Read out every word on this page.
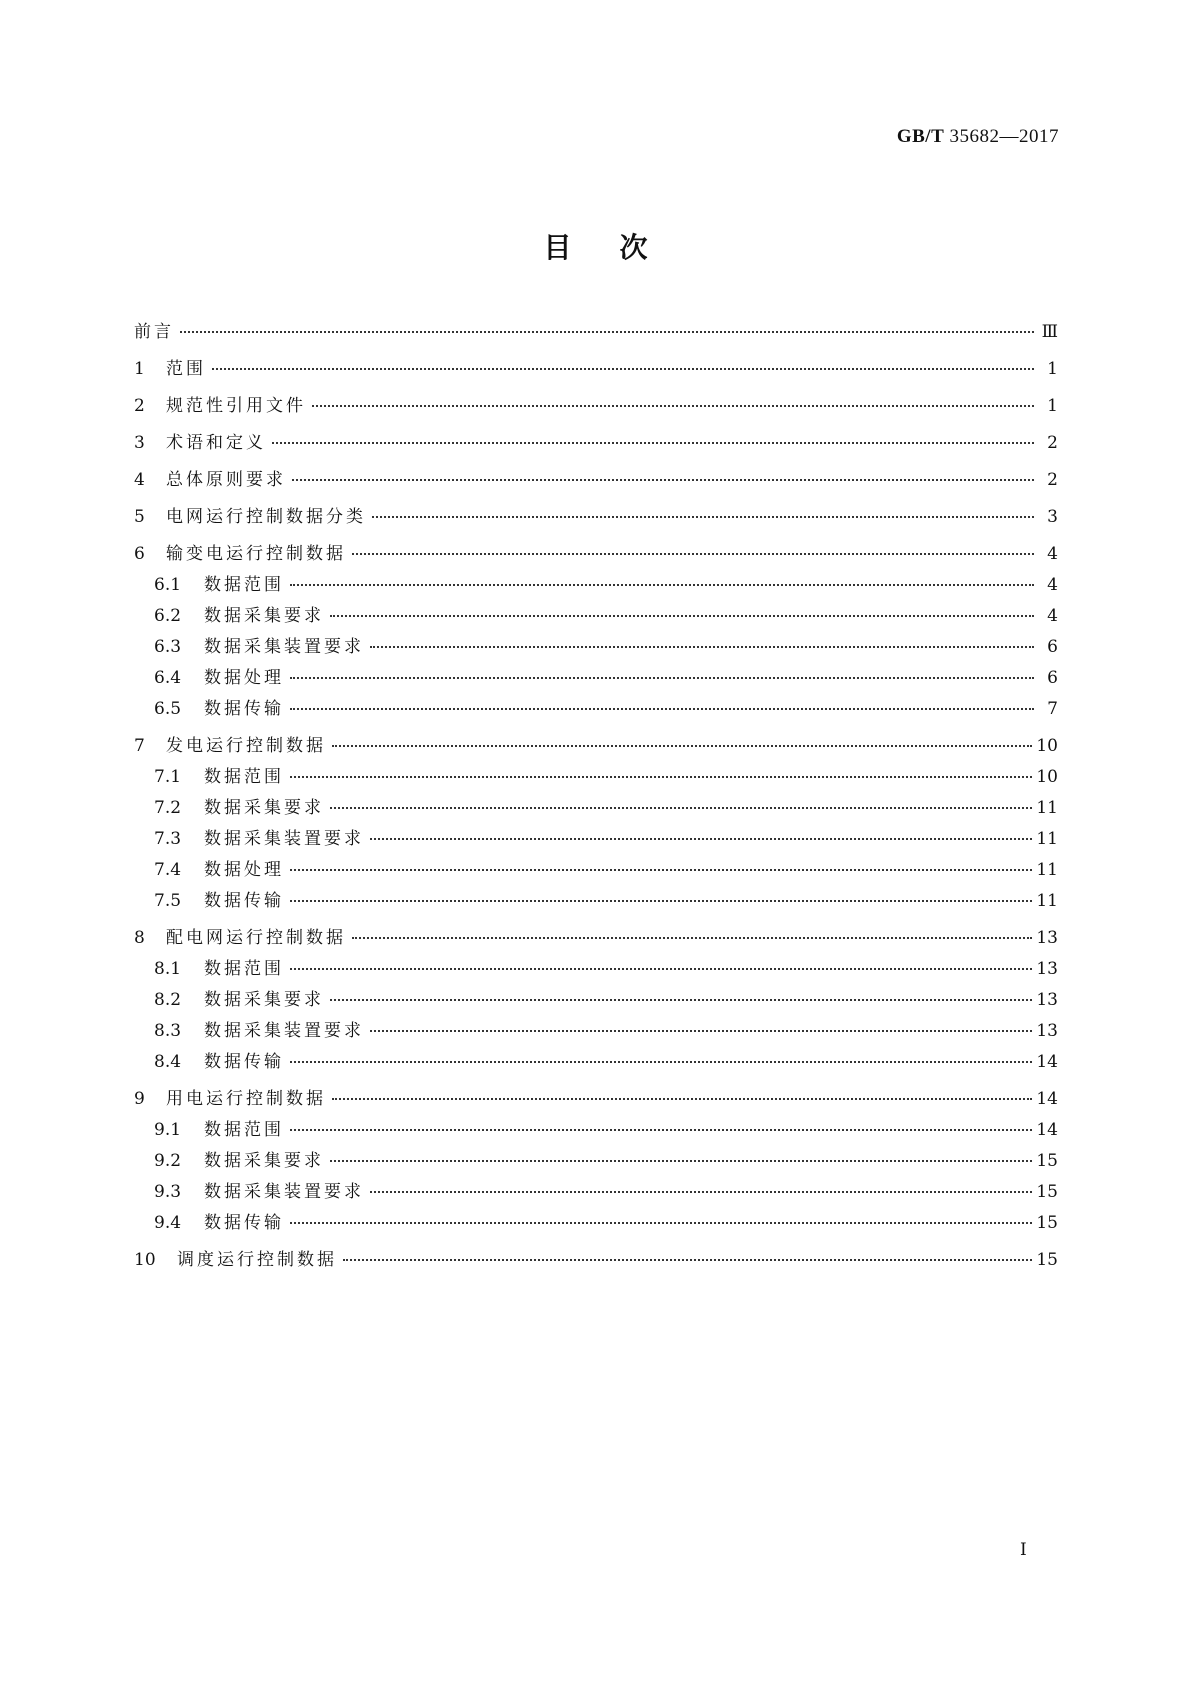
GB/T 35682—2017
目次
前言	Ⅲ
1	范围	1
2	规范性引用文件	1
3	术语和定义	2
4	总体原则要求	2
5	电网运行控制数据分类	3
6	输变电运行控制数据	4
6.1	数据范围	4
6.2	数据采集要求	4
6.3	数据采集装置要求	6
6.4	数据处理	6
6.5	数据传输	7
7	发电运行控制数据	10
7.1	数据范围	10
7.2	数据采集要求	11
7.3	数据采集装置要求	11
7.4	数据处理	11
7.5	数据传输	11
8	配电网运行控制数据	13
8.1	数据范围	13
8.2	数据采集要求	13
8.3	数据采集装置要求	13
8.4	数据传输	14
9	用电运行控制数据	14
9.1	数据范围	14
9.2	数据采集要求	15
9.3	数据采集装置要求	15
9.4	数据传输	15
10	调度运行控制数据	15
I
